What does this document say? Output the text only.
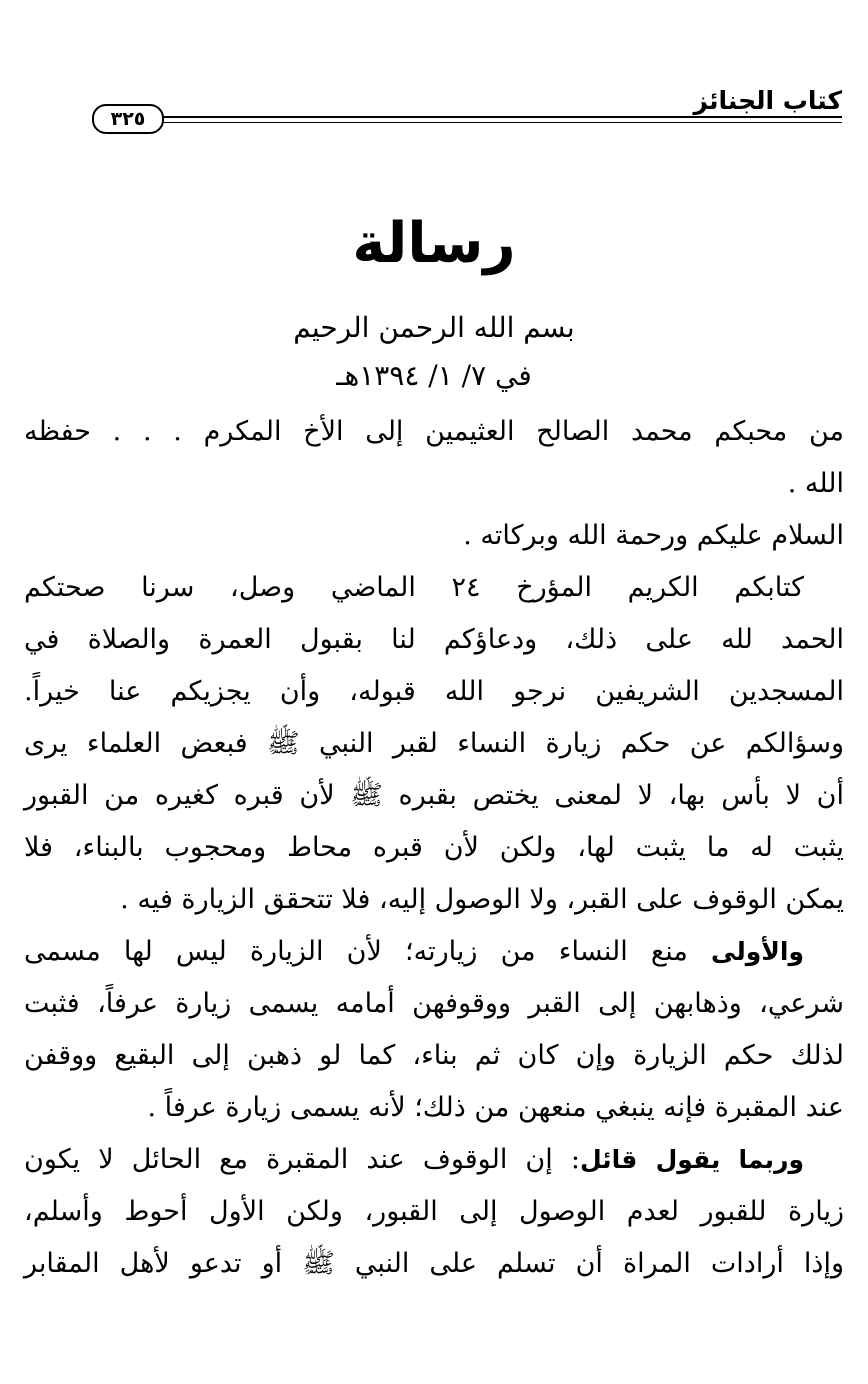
كتاب الجنائز
٣٢٥
رسالة
بسم الله الرحمن الرحيم
في ٧/ ١/ ١٣٩٤هـ
من محبكم محمد الصالح العثيمين إلى الأخ المكرم . . . حفظه
الله .
السلام عليكم ورحمة الله وبركاته .
كتابكم الكريم المؤرخ ٢٤ الماضي وصل، سرنا صحتكم
الحمد لله على ذلك، ودعاؤكم لنا بقبول العمرة والصلاة في
المسجدين الشريفين نرجو الله قبوله، وأن يجزيكم عنا خيراً.
وسؤالكم عن حكم زيارة النساء لقبر النبي ﷺ فبعض العلماء يرى
أن لا بأس بها، لا لمعنى يختص بقبره ﷺ لأن قبره كغيره من القبور
يثبت له ما يثبت لها، ولكن لأن قبره محاط ومحجوب بالبناء، فلا
يمكن الوقوف على القبر، ولا الوصول إليه، فلا تتحقق الزيارة فيه .
والأولى منع النساء من زيارته؛ لأن الزيارة ليس لها مسمى
شرعي، وذهابهن إلى القبر ووقوفهن أمامه يسمى زيارة عرفاً، فثبت
لذلك حكم الزيارة وإن كان ثم بناء، كما لو ذهبن إلى البقيع ووقفن
عند المقبرة فإنه ينبغي منعهن من ذلك؛ لأنه يسمى زيارة عرفاً .
وربما يقول قائل: إن الوقوف عند المقبرة مع الحائل لا يكون
زيارة للقبور لعدم الوصول إلى القبور، ولكن الأول أحوط وأسلم،
وإذا أرادات المراة أن تسلم على النبي ﷺ أو تدعو لأهل المقابر
